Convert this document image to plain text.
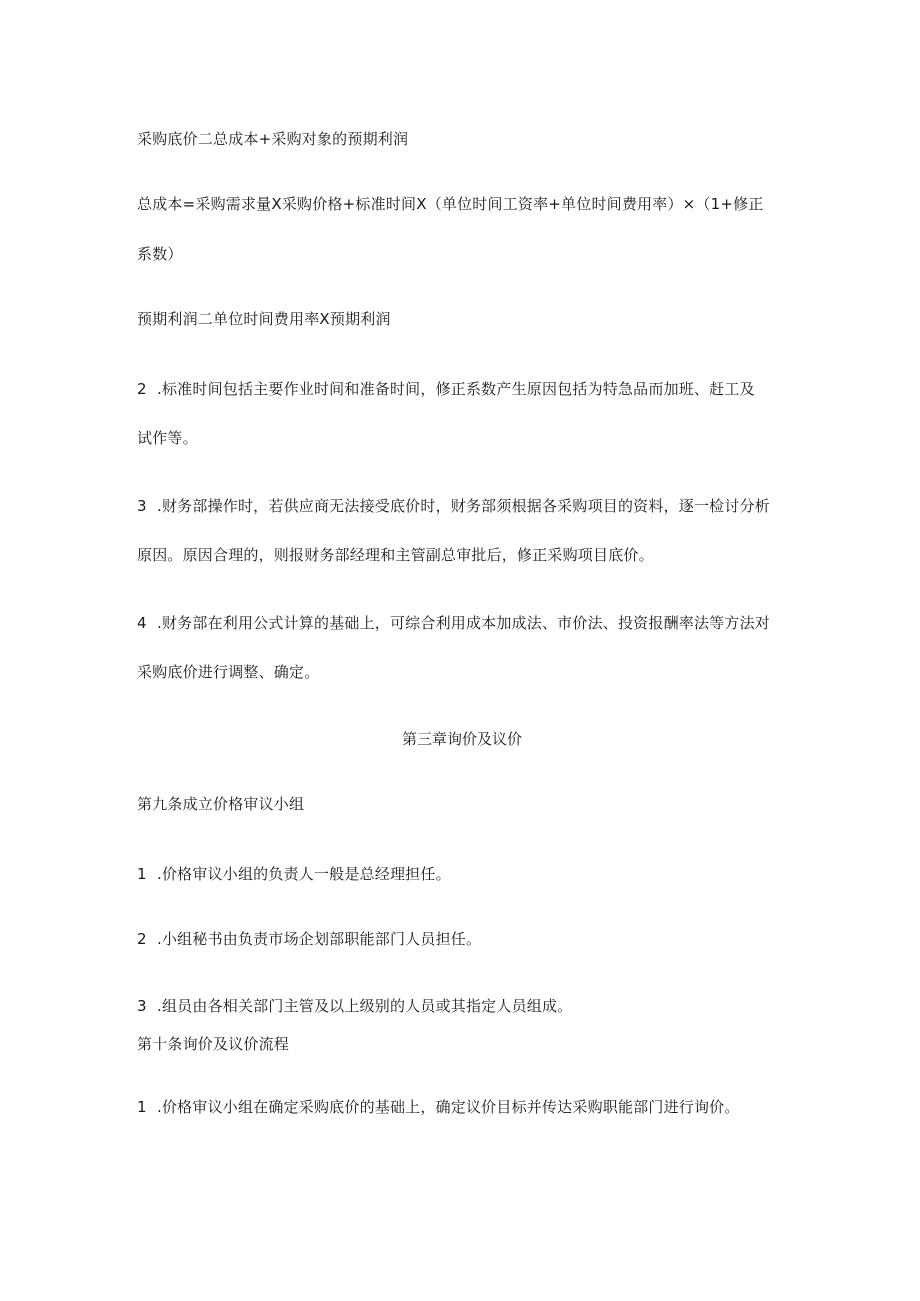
采购底价二总成本+采购对象的预期利润
总成本=采购需求量X采购价格+标准时间X（单位时间工资率+单位时间费用率）×（1+修正
系数）
预期利润二单位时间费用率X预期利润
2 .标准时间包括主要作业时间和准备时间，修正系数产生原因包括为特急品而加班、赶工及
试作等。
3 .财务部操作时，若供应商无法接受底价时，财务部须根据各采购项目的资料，逐一检讨分析
原因。原因合理的，则报财务部经理和主管副总审批后，修正采购项目底价。
4 .财务部在利用公式计算的基础上，可综合利用成本加成法、市价法、投资报酬率法等方法对
采购底价进行调整、确定。
第三章询价及议价
第九条成立价格审议小组
1 .价格审议小组的负责人一般是总经理担任。
2 .小组秘书由负责市场企划部职能部门人员担任。
3 .组员由各相关部门主管及以上级别的人员或其指定人员组成。
第十条询价及议价流程
1 .价格审议小组在确定采购底价的基础上，确定议价目标并传达采购职能部门进行询价。
